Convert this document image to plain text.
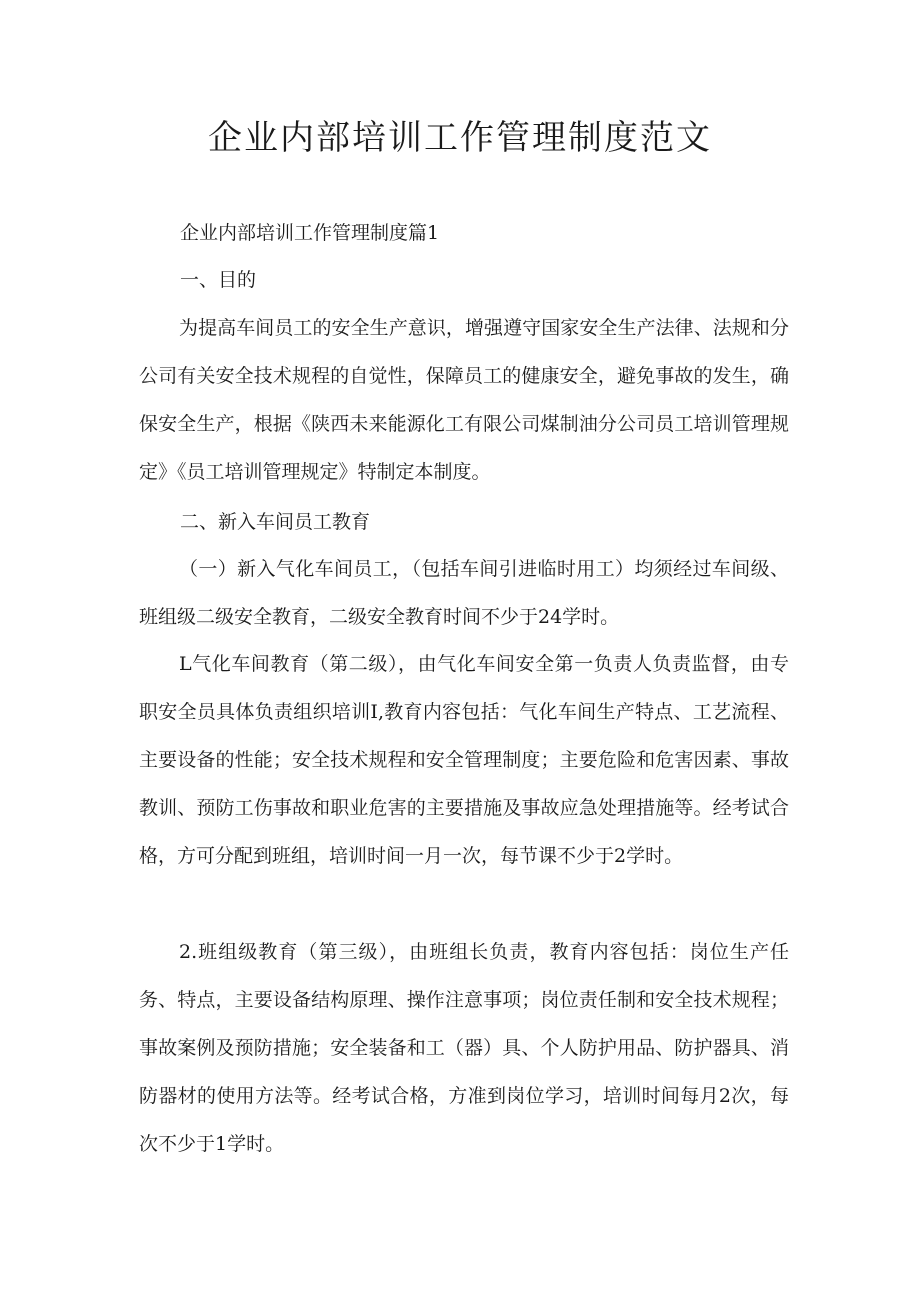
企业内部培训工作管理制度范文

企业内部培训工作管理制度篇1

一、目的

为提高车间员工的安全生产意识，增强遵守国家安全生产法律、法规和分公司有关安全技术规程的自觉性，保障员工的健康安全，避免事故的发生，确保安全生产，根据《陕西未来能源化工有限公司煤制油分公司员工培训管理规定》《员工培训管理规定》特制定本制度。

二、新入车间员工教育

（一）新入气化车间员工，（包括车间引进临时用工）均须经过车间级、班组级二级安全教育，二级安全教育时间不少于24学时。

L气化车间教育（第二级），由气化车间安全第一负责人负责监督，由专职安全员具体负责组织培训I,教育内容包括：气化车间生产特点、工艺流程、主要设备的性能；安全技术规程和安全管理制度；主要危险和危害因素、事故教训、预防工伤事故和职业危害的主要措施及事故应急处理措施等。经考试合格，方可分配到班组，培训时间一月一次，每节课不少于2学时。

2.班组级教育（第三级），由班组长负责，教育内容包括：岗位生产任务、特点，主要设备结构原理、操作注意事项；岗位责任制和安全技术规程；事故案例及预防措施；安全装备和工（器）具、个人防护用品、防护器具、消防器材的使用方法等。经考试合格，方准到岗位学习，培训时间每月2次，每次不少于1学时。
